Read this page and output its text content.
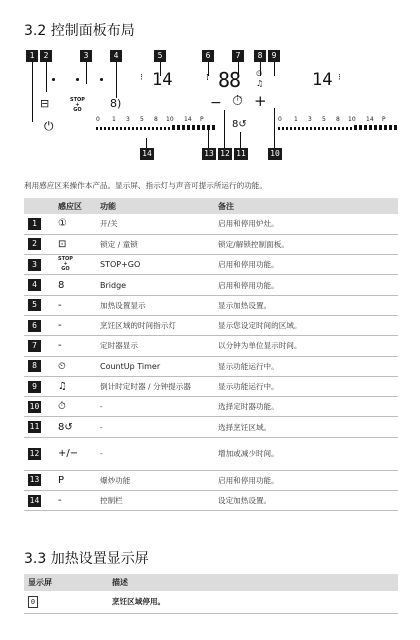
3.2 控制面板布局
1	2	3	4	5	6	7	8	9
⊟
⏻
STOP
+
GO	8︎)
⁝ 14	⁞ 88 ⏲
♫	14 ⁝
− ⏱ +
8↺
0 1 3 5 8 10 14 P	0 1 3 5 8 10 14 P
14	13 12 11	10

利用感应区来操作本产品。显示屏、指示灯与声音可提示所运行的功能。

	感应区	功能	备注
1	①	开/关	启用和停用炉灶。
2	⊡	锁定 / 童锁	锁定/解锁控制面板。
3	STOP
+
GO	STOP+GO	启用和停用功能。
4	8	Bridge	启用和停用功能。
5	-	加热设置显示	显示加热设置。
6	-	烹饪区域的时间指示灯	显示您设定时间的区域。
7	-	定时器显示	以分钟为单位显示时间。
8	⏲	CountUp Timer	显示功能运行中。
9	♫	倒计时定时器 / 分钟提示器	显示功能运行中。
10	⏱	-	选择定时器功能。
11	8↺	-	选择烹饪区域。
12	+/−	-	增加或减少时间。
13	P	爆炒功能	启用和停用功能。
14	-	控制栏	设定加热设置。
3.3 加热设置显示屏
显示屏	描述
0	烹饪区域停用。
